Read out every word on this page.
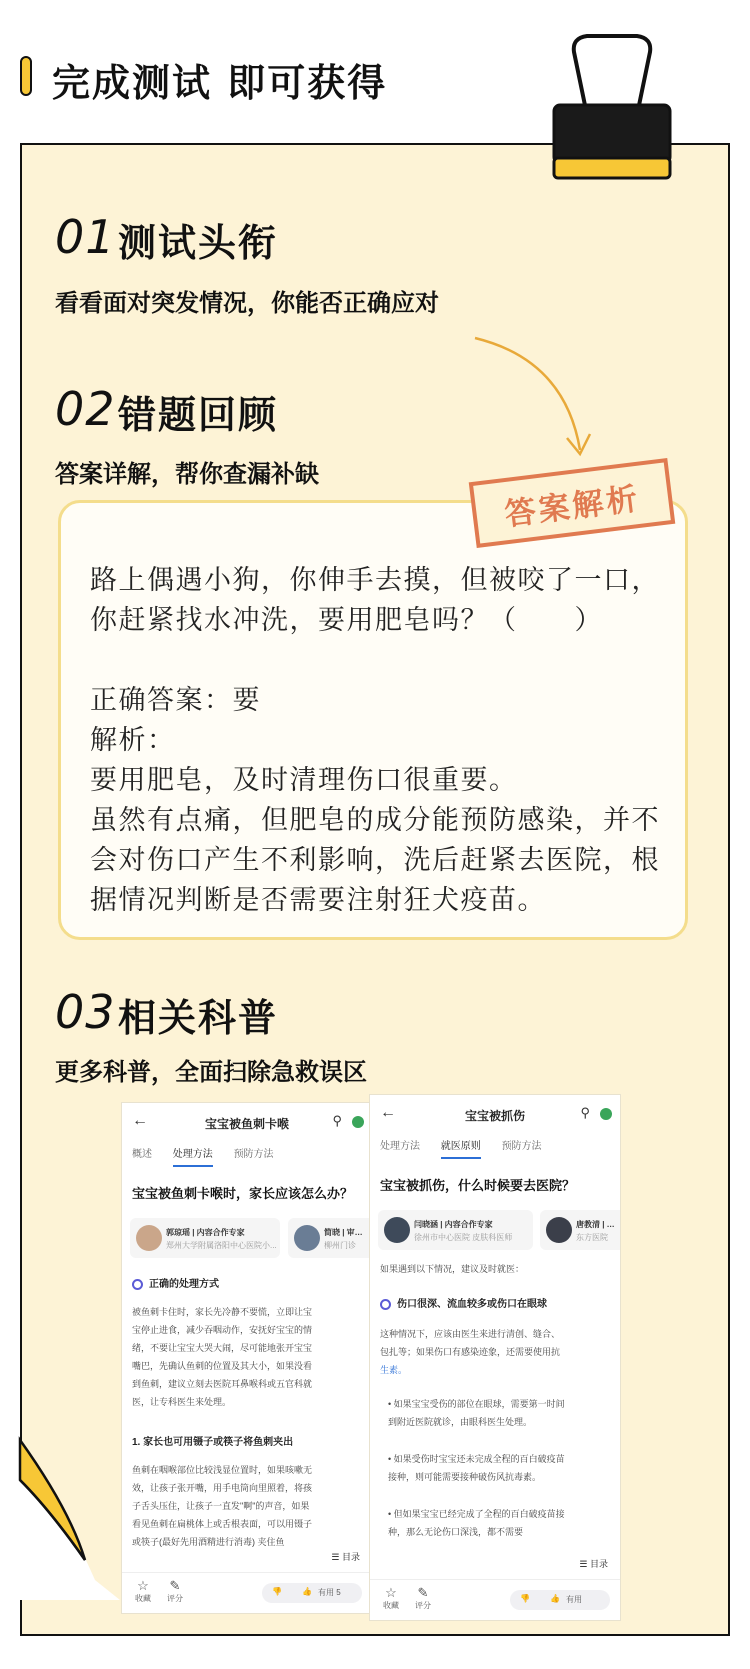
完成测试 即可获得
01 测试头衔
看看面对突发情况，你能否正确应对
02 错题回顾
答案详解，帮你查漏补缺
答案解析
路上偶遇小狗，你伸手去摸，但被咬了一口，
你赶紧找水冲洗，要用肥皂吗？（　　）
正确答案：要
解析：
要用肥皂，及时清理伤口很重要。
虽然有点痛，但肥皂的成分能预防感染，并不
会对伤口产生不利影响，洗后赶紧去医院，根
据情况判断是否需要注射狂犬疫苗。
03 相关科普
更多科普，全面扫除急救误区
←	宝宝被鱼刺卡喉	⚲
概述 处理方法 预防方法
宝宝被鱼刺卡喉时，家长应该怎么办？
郭琼瑶 | 内容合作专家
郑州大学附属洛阳中心医院小...
简晓 | 审…
柳州门诊
正确的处理方式
被鱼刺卡住时，家长先冷静不要慌，立即让宝
宝停止进食，减少吞咽动作，安抚好宝宝的情
绪，不要让宝宝大哭大闹，尽可能地张开宝宝
嘴巴，先确认鱼刺的位置及其大小，如果没看
到鱼刺，建议立刻去医院耳鼻喉科或五官科就
医，让专科医生来处理。
1. 家长也可用镊子或筷子将鱼刺夹出
鱼刺在咽喉部位比较浅显位置时，如果咳嗽无
效，让孩子张开嘴，用手电筒向里照着，将孩
子舌头压住，让孩子一直发"啊"的声音，如果
看见鱼刺在扁桃体上或舌根表面，可以用镊子
或筷子(最好先用酒精进行消毒) 夹住鱼
☰ 目录
☆
收藏
✎
评分
👎	👍 有用 5
←	宝宝被抓伤	⚲
处理方法 就医原则 预防方法
宝宝被抓伤，什么时候要去医院？
闫晓涵 | 内容合作专家
徐州市中心医院 皮肤科医师
唐教清 | …
东方医院
如果遇到以下情况，建议及时就医：
伤口很深、流血较多或伤口在眼球
这种情况下，应该由医生来进行清创、缝合、
包扎等；如果伤口有感染迹象，还需要使用抗
生素。
• 如果宝宝受伤的部位在眼球，需要第一时间
到附近医院就诊，由眼科医生处理。
• 如果受伤时宝宝还未完成全程的百白破疫苗
接种，则可能需要接种破伤风抗毒素。
• 但如果宝宝已经完成了全程的百白破疫苗接
种，那么无论伤口深浅，都不需要
☰ 目录
☆
收藏
✎
评分
👎	👍 有用
